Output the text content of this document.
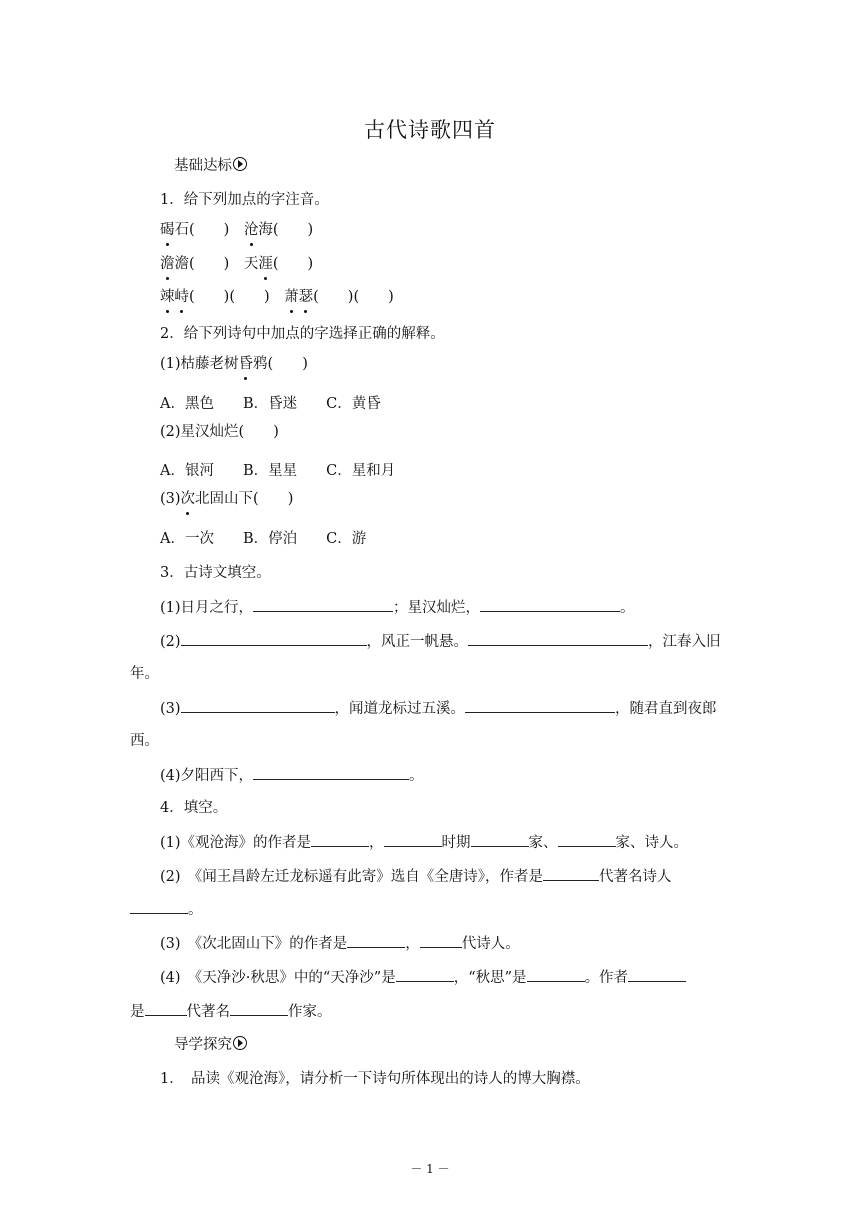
古代诗歌四首
基础达标
1．给下列加点的字注音。
碣石(　　)　 沧海(　　)
澹澹(　　)　 天涯(　　)
竦峙(　　)(　　)　 萧瑟(　　)(　　)
2．给下列诗句中加点的字选择正确的解释。
(1)枯藤老树昏鸦(　　)
A．黑色　　B．昏迷　　C．黄昏
(2)星汉灿烂(　　)
A．银河　　B．星星　　C．星和月
(3)次北固山下(　　)
A．一次　　B．停泊　　C．游
3．古诗文填空。
(1)日月之行，	；星汉灿烂，	。
(2)	，风正一帆悬。	，江春入旧
年。
(3)	，闻道龙标过五溪。	，随君直到夜郎
西。
(4)夕阳西下，	。
4．填空。
(1)《观沧海》的作者是	，	时期	家、	家、诗人。
(2)　《闻王昌龄左迁龙标遥有此寄》选自《全唐诗》，作者是	代著名诗人
。
(3)　《次北固山下》的作者是	，	代诗人。
(4)　《天净沙·秋思》中的“天净沙”是	，“秋思”是	。作者
是	代著名	作家。
导学探究
1．　品读《观沧海》，请分析一下诗句所体现出的诗人的博大胸襟。
－ 1 －
